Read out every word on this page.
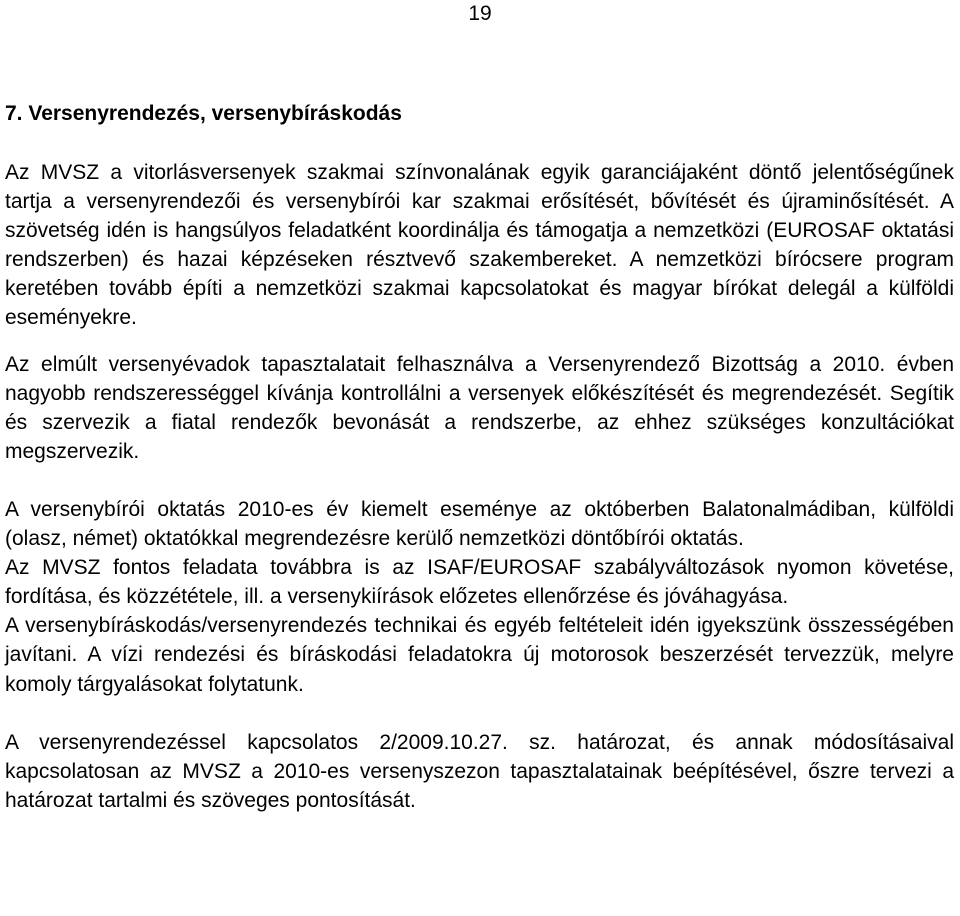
19
7. Versenyrendezés, versenybíráskodás

Az MVSZ a vitorlásversenyek szakmai színvonalának egyik garanciájaként döntő jelentőségűnek tartja a versenyrendezői és versenybírói kar szakmai erősítését, bővítését és újraminősítését. A szövetség idén is hangsúlyos feladatként koordinálja és támogatja a nemzetközi (EUROSAF oktatási rendszerben) és hazai képzéseken résztvevő szakembereket. A nemzetközi bírócsere program keretében tovább építi a nemzetközi szakmai kapcsolatokat és magyar bírókat delegál a külföldi eseményekre.

Az elmúlt versenyévadok tapasztalatait felhasználva a Versenyrendező Bizottság a 2010. évben nagyobb rendszerességgel kívánja kontrollálni a versenyek előkészítését és megrendezését. Segítik és szervezik a fiatal rendezők bevonását a rendszerbe, az ehhez szükséges konzultációkat megszervezik.

A versenybírói oktatás 2010-es év kiemelt eseménye az októberben Balatonalmádiban, külföldi (olasz, német) oktatókkal megrendezésre kerülő nemzetközi döntőbírói oktatás.

Az MVSZ fontos feladata továbbra is az ISAF/EUROSAF szabályváltozások nyomon követése, fordítása, és közzététele, ill. a versenykiírások előzetes ellenőrzése és jóváhagyása.

A versenybíráskodás/versenyrendezés technikai és egyéb feltételeit idén igyekszünk összességében javítani. A vízi rendezési és bíráskodási feladatokra új motorosok beszerzését tervezzük, melyre komoly tárgyalásokat folytatunk.

A versenyrendezéssel kapcsolatos 2/2009.10.27. sz. határozat, és annak módosításaival kapcsolatosan az MVSZ a 2010-es versenyszezon tapasztalatainak beépítésével, őszre tervezi a határozat tartalmi és szöveges pontosítását.
